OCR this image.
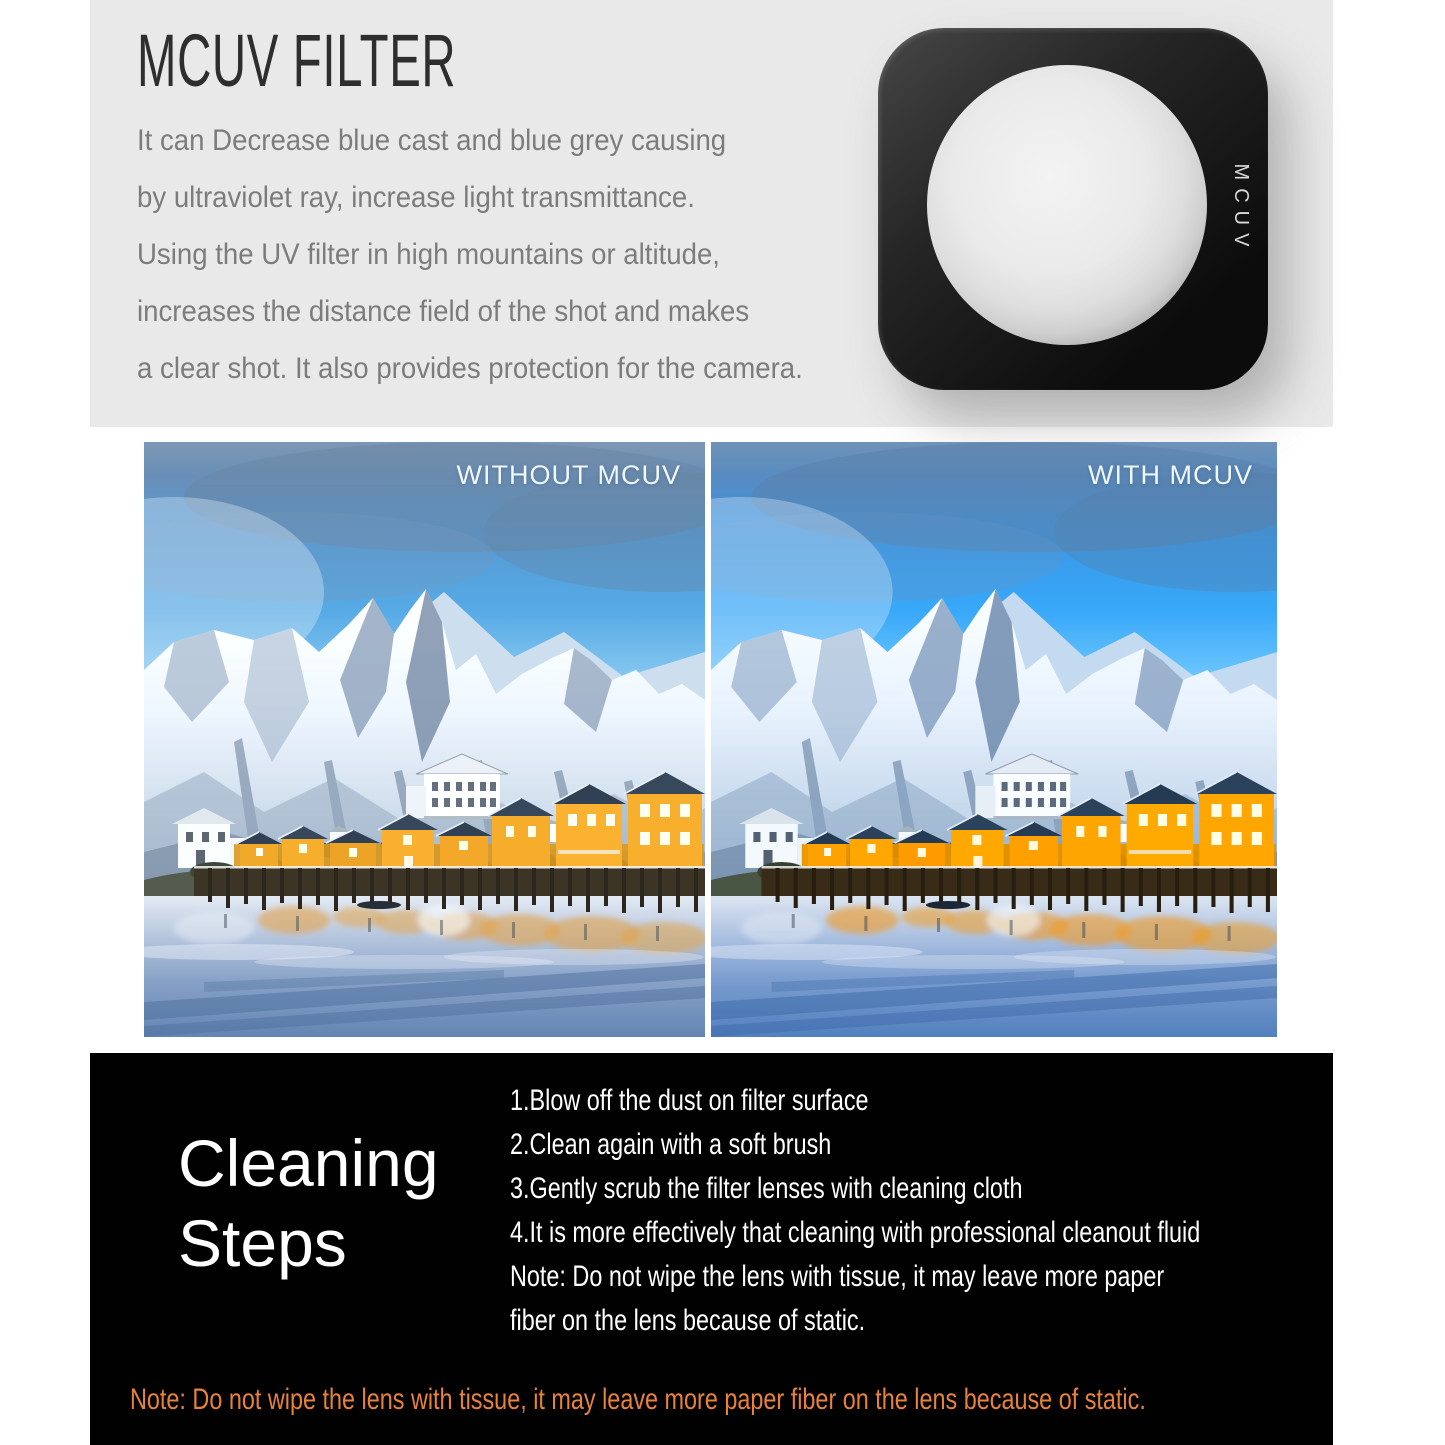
MCUV FILTER

It can Decrease blue cast and blue grey causing

by ultraviolet ray, increase light transmittance.

Using the UV filter in high mountains or altitude,

increases the distance field of the shot and makes

a clear shot. It also provides protection for the camera.

MCUV
WITHOUT MCUV	WITH MCUV
Cleaning
Steps

1.Blow off the dust on filter surface

2.Clean again with a soft brush

3.Gently scrub the filter lenses with cleaning cloth

4.It is more effectively that cleaning with professional cleanout fluid

Note: Do not wipe the lens with tissue, it may leave more paper

fiber on the lens because of static.

Note: Do not wipe the lens with tissue, it may leave more paper fiber on the lens because of static.
